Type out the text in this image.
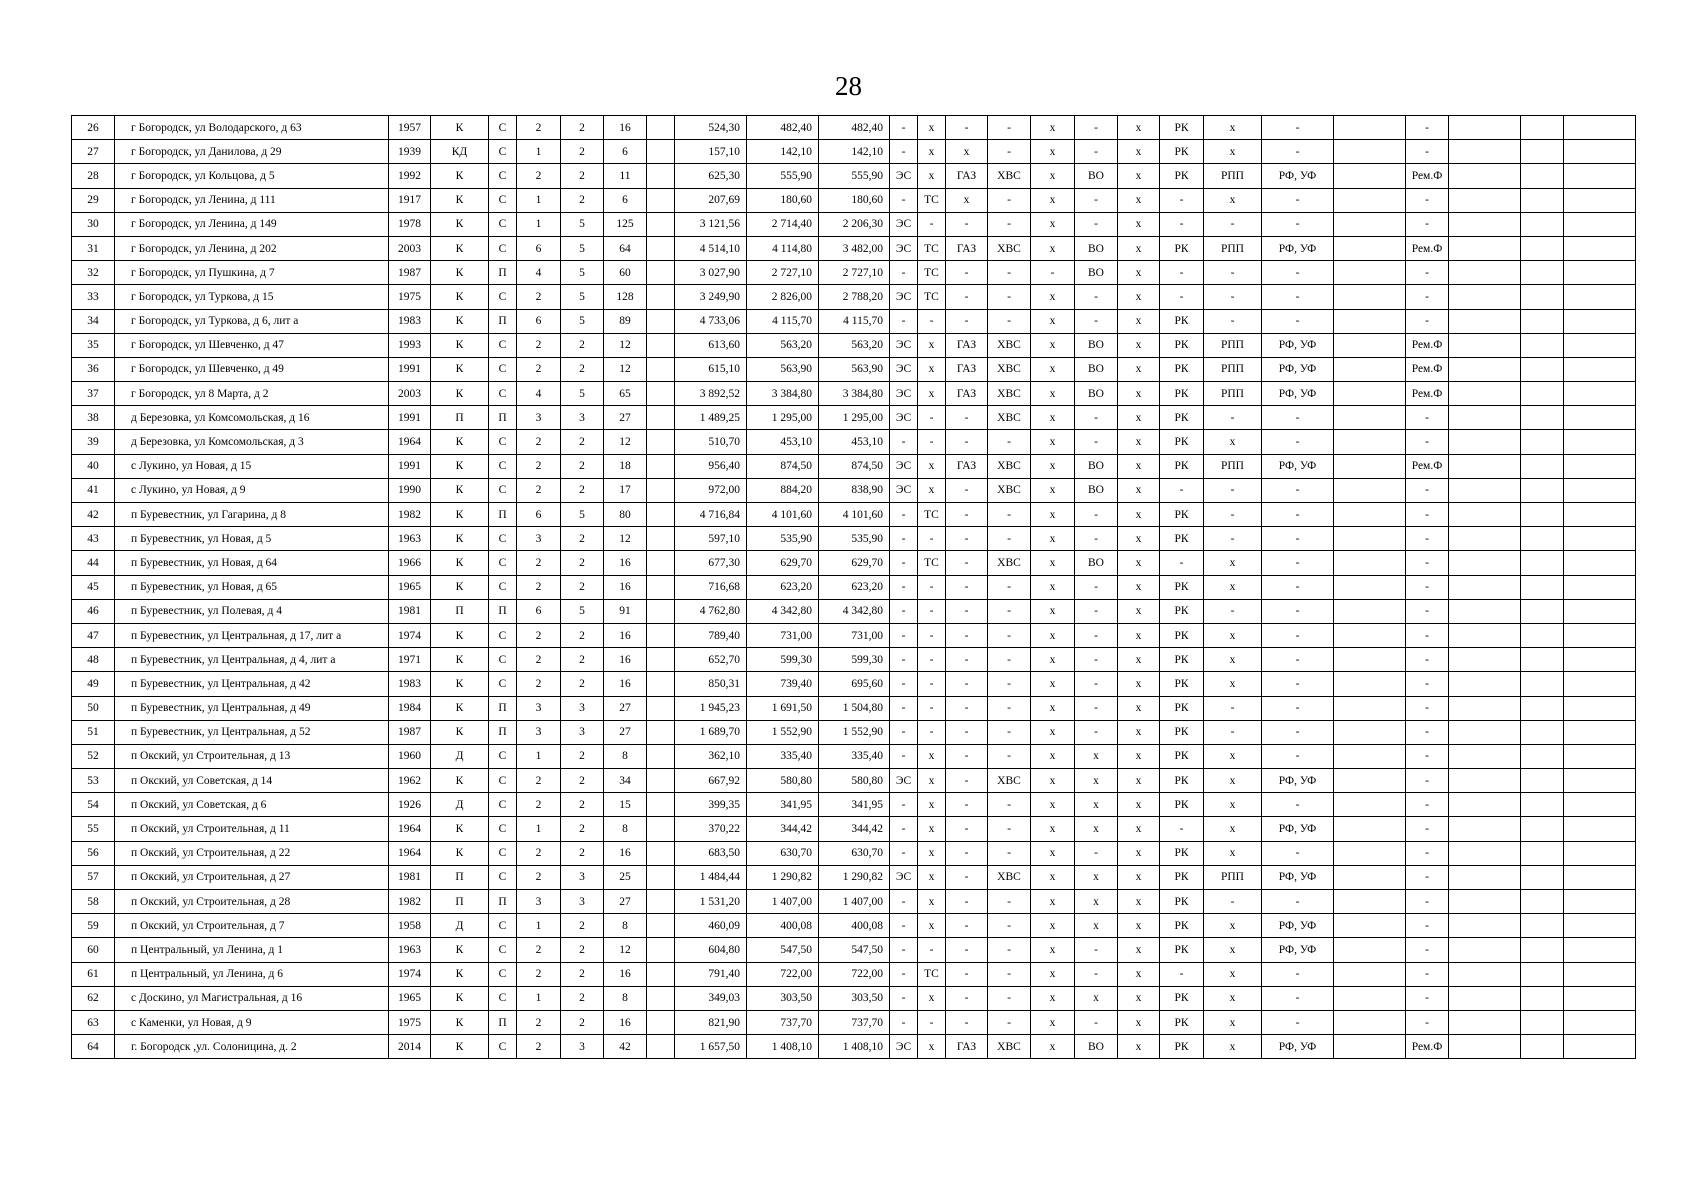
28
26	г Богородск, ул Володарского, д 63	1957	К	С	2	2	16		524,30	482,40	482,40	-	х	-	-	х	-	х	РК	х	-		-			
27	г Богородск, ул Данилова, д 29	1939	КД	С	1	2	6		157,10	142,10	142,10	-	х	х	-	х	-	х	РК	х	-		-			
28	г Богородск, ул Кольцова, д 5	1992	К	С	2	2	11		625,30	555,90	555,90	ЭС	х	ГАЗ	ХВС	х	ВО	х	РК	РПП	РФ, УФ		Рем.Ф			
29	г Богородск, ул Ленина, д 111	1917	К	С	1	2	6		207,69	180,60	180,60	-	ТС	х	-	х	-	х	-	х	-		-			
30	г Богородск, ул Ленина, д 149	1978	К	С	1	5	125		3 121,56	2 714,40	2 206,30	ЭС	-	-	-	х	-	х	-	-	-		-			
31	г Богородск, ул Ленина, д 202	2003	К	С	6	5	64		4 514,10	4 114,80	3 482,00	ЭС	ТС	ГАЗ	ХВС	х	ВО	х	РК	РПП	РФ, УФ		Рем.Ф			
32	г Богородск, ул Пушкина, д 7	1987	К	П	4	5	60		3 027,90	2 727,10	2 727,10	-	ТС	-	-	-	ВО	х	-	-	-		-			
33	г Богородск, ул Туркова, д 15	1975	К	С	2	5	128		3 249,90	2 826,00	2 788,20	ЭС	ТС	-	-	х	-	х	-	-	-		-			
34	г Богородск, ул Туркова, д 6, лит а	1983	К	П	6	5	89		4 733,06	4 115,70	4 115,70	-	-	-	-	х	-	х	РК	-	-		-			
35	г Богородск, ул Шевченко, д 47	1993	К	С	2	2	12		613,60	563,20	563,20	ЭС	х	ГАЗ	ХВС	х	ВО	х	РК	РПП	РФ, УФ		Рем.Ф			
36	г Богородск, ул Шевченко, д 49	1991	К	С	2	2	12		615,10	563,90	563,90	ЭС	х	ГАЗ	ХВС	х	ВО	х	РК	РПП	РФ, УФ		Рем.Ф			
37	г Богородск, ул 8 Марта, д 2	2003	К	С	4	5	65		3 892,52	3 384,80	3 384,80	ЭС	х	ГАЗ	ХВС	х	ВО	х	РК	РПП	РФ, УФ		Рем.Ф			
38	д Березовка, ул Комсомольская, д 16	1991	П	П	3	3	27		1 489,25	1 295,00	1 295,00	ЭС	-	-	ХВС	х	-	х	РК	-	-		-			
39	д Березовка, ул Комсомольская, д 3	1964	К	С	2	2	12		510,70	453,10	453,10	-	-	-	-	х	-	х	РК	х	-		-			
40	с Лукино, ул Новая, д 15	1991	К	С	2	2	18		956,40	874,50	874,50	ЭС	х	ГАЗ	ХВС	х	ВО	х	РК	РПП	РФ, УФ		Рем.Ф			
41	с Лукино, ул Новая, д 9	1990	К	С	2	2	17		972,00	884,20	838,90	ЭС	х	-	ХВС	х	ВО	х	-	-	-		-			
42	п Буревестник, ул Гагарина, д 8	1982	К	П	6	5	80		4 716,84	4 101,60	4 101,60	-	ТС	-	-	х	-	х	РК	-	-		-			
43	п Буревестник, ул Новая, д 5	1963	К	С	3	2	12		597,10	535,90	535,90	-	-	-	-	х	-	х	РК	-	-		-			
44	п Буревестник, ул Новая, д 64	1966	К	С	2	2	16		677,30	629,70	629,70	-	ТС	-	ХВС	х	ВО	х	-	х	-		-			
45	п Буревестник, ул Новая, д 65	1965	К	С	2	2	16		716,68	623,20	623,20	-	-	-	-	х	-	х	РК	х	-		-			
46	п Буревестник, ул Полевая, д 4	1981	П	П	6	5	91		4 762,80	4 342,80	4 342,80	-	-	-	-	х	-	х	РК	-	-		-			
47	п Буревестник, ул Центральная, д 17, лит а	1974	К	С	2	2	16		789,40	731,00	731,00	-	-	-	-	х	-	х	РК	х	-		-			
48	п Буревестник, ул Центральная, д 4, лит а	1971	К	С	2	2	16		652,70	599,30	599,30	-	-	-	-	х	-	х	РК	х	-		-			
49	п Буревестник, ул Центральная, д 42	1983	К	С	2	2	16		850,31	739,40	695,60	-	-	-	-	х	-	х	РК	х	-		-			
50	п Буревестник, ул Центральная, д 49	1984	К	П	3	3	27		1 945,23	1 691,50	1 504,80	-	-	-	-	х	-	х	РК	-	-		-			
51	п Буревестник, ул Центральная, д 52	1987	К	П	3	3	27		1 689,70	1 552,90	1 552,90	-	-	-	-	х	-	х	РК	-	-		-			
52	п Окский, ул Строительная, д 13	1960	Д	С	1	2	8		362,10	335,40	335,40	-	х	-	-	х	х	х	РК	х	-		-			
53	п Окский, ул Советская, д 14	1962	К	С	2	2	34		667,92	580,80	580,80	ЭС	х	-	ХВС	х	х	х	РК	х	РФ, УФ		-			
54	п Окский, ул Советская, д 6	1926	Д	С	2	2	15		399,35	341,95	341,95	-	х	-	-	х	х	х	РК	х	-		-			
55	п Окский, ул Строительная, д 11	1964	К	С	1	2	8		370,22	344,42	344,42	-	х	-	-	х	х	х	-	х	РФ, УФ		-			
56	п Окский, ул Строительная, д 22	1964	К	С	2	2	16		683,50	630,70	630,70	-	х	-	-	х	-	х	РК	х	-		-			
57	п Окский, ул Строительная, д 27	1981	П	С	2	3	25		1 484,44	1 290,82	1 290,82	ЭС	х	-	ХВС	х	х	х	РК	РПП	РФ, УФ		-			
58	п Окский, ул Строительная, д 28	1982	П	П	3	3	27		1 531,20	1 407,00	1 407,00	-	х	-	-	х	х	х	РК	-	-		-			
59	п Окский, ул Строительная, д 7	1958	Д	С	1	2	8		460,09	400,08	400,08	-	х	-	-	х	х	х	РК	х	РФ, УФ		-			
60	п Центральный, ул Ленина, д 1	1963	К	С	2	2	12		604,80	547,50	547,50	-	-	-	-	х	-	х	РК	х	РФ, УФ		-			
61	п Центральный, ул Ленина, д 6	1974	К	С	2	2	16		791,40	722,00	722,00	-	ТС	-	-	х	-	х	-	х	-		-			
62	с Доскино, ул Магистральная, д 16	1965	К	С	1	2	8		349,03	303,50	303,50	-	х	-	-	х	х	х	РК	х	-		-			
63	с Каменки, ул Новая, д 9	1975	К	П	2	2	16		821,90	737,70	737,70	-	-	-	-	х	-	х	РК	х	-		-			
64	г. Богородск ,ул. Солоницина, д. 2	2014	К	С	2	3	42		1 657,50	1 408,10	1 408,10	ЭС	х	ГАЗ	ХВС	х	ВО	х	РК	х	РФ, УФ		Рем.Ф			
